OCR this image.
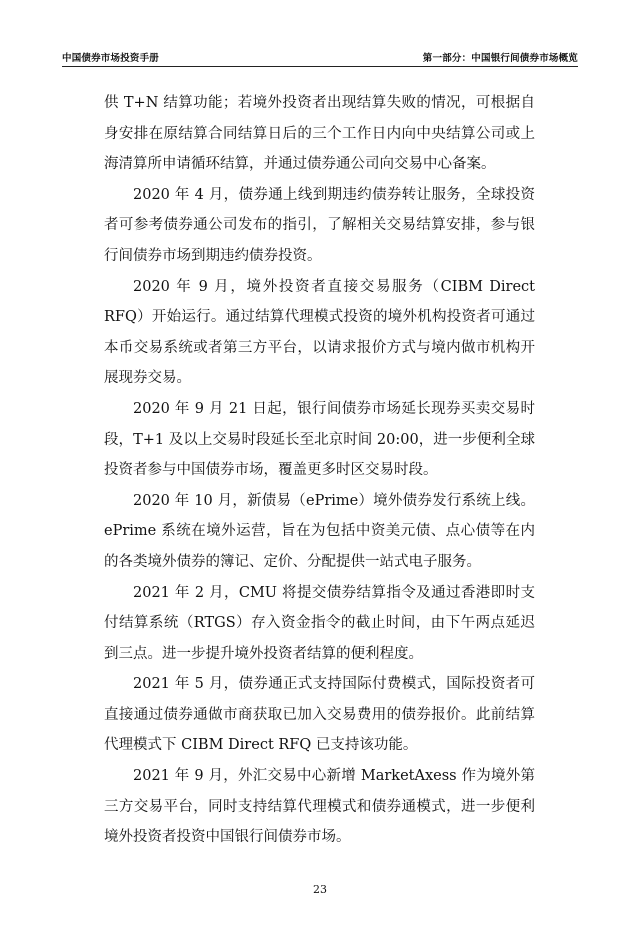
中国债券市场投资手册	第一部分：中国银行间债券市场概览

供 T+N 结算功能；若境外投资者出现结算失败的情况，可根据自身安排在原结算合同结算日后的三个工作日内向中央结算公司或上海清算所申请循环结算，并通过债券通公司向交易中心备案。

2020 年 4 月，债券通上线到期违约债券转让服务，全球投资者可参考债券通公司发布的指引，了解相关交易结算安排，参与银行间债券市场到期违约债券投资。

2020 年 9 月，境外投资者直接交易服务（CIBM Direct RFQ）开始运行。通过结算代理模式投资的境外机构投资者可通过本币交易系统或者第三方平台，以请求报价方式与境内做市机构开展现券交易。

2020 年 9 月 21 日起，银行间债券市场延长现券买卖交易时段，T+1 及以上交易时段延长至北京时间 20:00，进一步便利全球投资者参与中国债券市场，覆盖更多时区交易时段。

2020 年 10 月，新债易（ePrime）境外债券发行系统上线。ePrime 系统在境外运营，旨在为包括中资美元债、点心债等在内的各类境外债券的簿记、定价、分配提供一站式电子服务。

2021 年 2 月，CMU 将提交债券结算指令及通过香港即时支付结算系统（RTGS）存入资金指令的截止时间，由下午两点延迟到三点。进一步提升境外投资者结算的便利程度。

2021 年 5 月，债券通正式支持国际付费模式，国际投资者可直接通过债券通做市商获取已加入交易费用的债券报价。此前结算代理模式下 CIBM Direct RFQ 已支持该功能。

2021 年 9 月，外汇交易中心新增 MarketAxess 作为境外第三方交易平台，同时支持结算代理模式和债券通模式，进一步便利境外投资者投资中国银行间债券市场。

23
